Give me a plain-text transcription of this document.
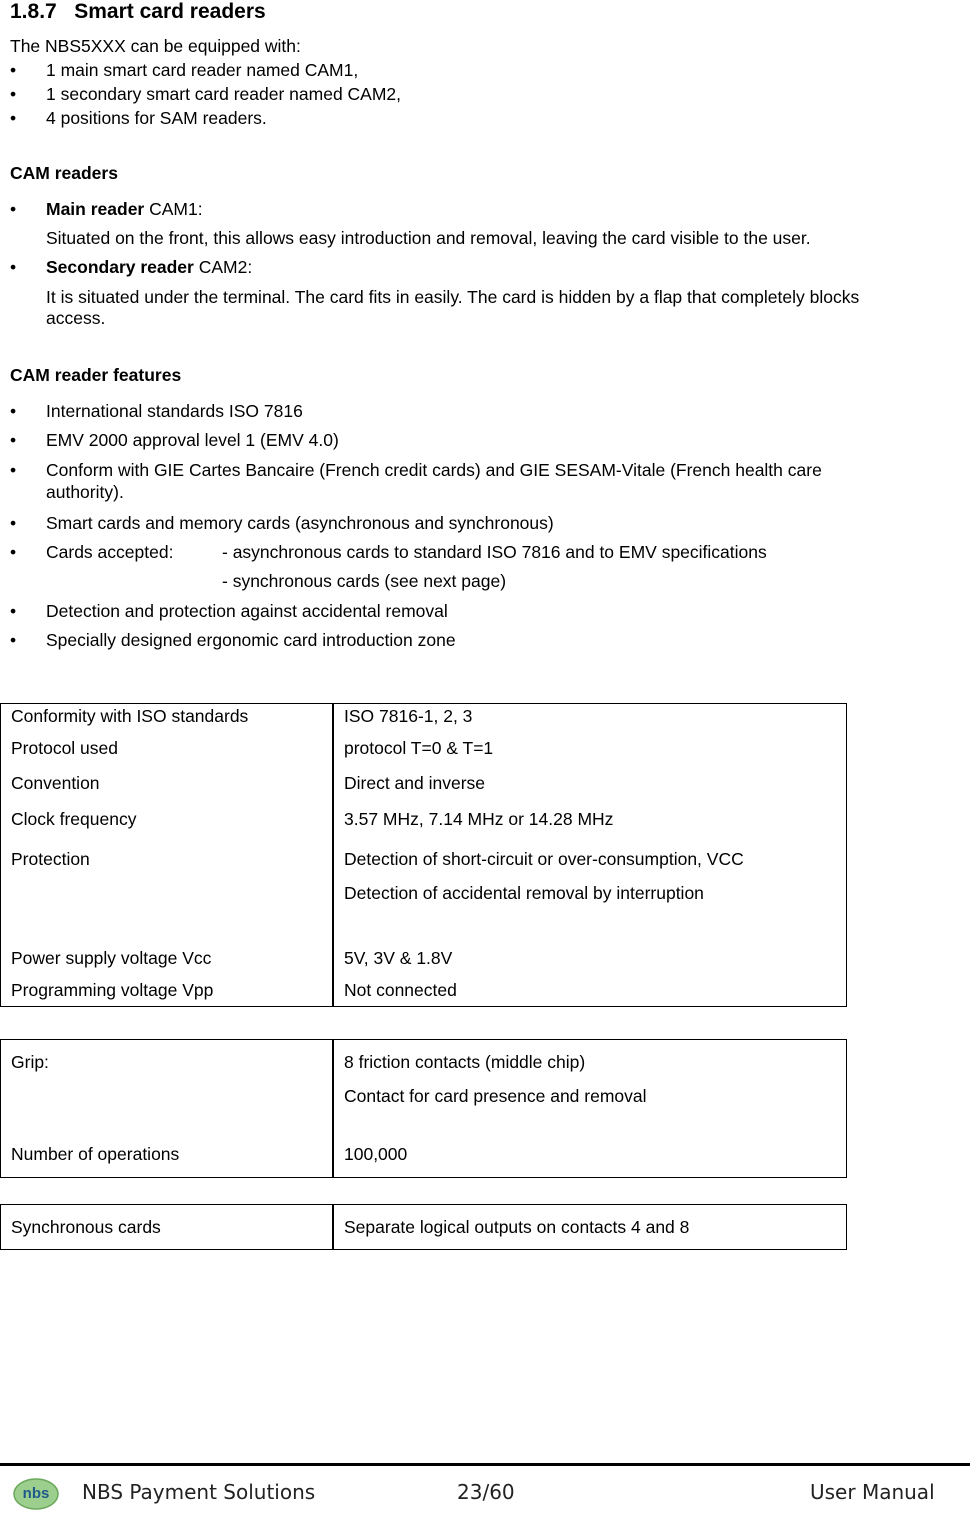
1.8.7 Smart card readers
The NBS5XXX can be equipped with:
• 1 main smart card reader named CAM1,
• 1 secondary smart card reader named CAM2,
• 4 positions for SAM readers.
CAM readers
• Main reader CAM1:
Situated on the front, this allows easy introduction and removal, leaving the card visible to the user.
• Secondary reader CAM2:
It is situated under the terminal. The card fits in easily. The card is hidden by a flap that completely blocks
access.
CAM reader features
• International standards ISO 7816
• EMV 2000 approval level 1 (EMV 4.0)
• Conform with GIE Cartes Bancaire (French credit cards) and GIE SESAM-Vitale (French health care
authority).
• Smart cards and memory cards (asynchronous and synchronous)
• Cards accepted:	- asynchronous cards to standard ISO 7816 and to EMV specifications
- synchronous cards (see next page)
• Detection and protection against accidental removal
• Specially designed ergonomic card introduction zone
Conformity with ISO standards	ISO 7816-1, 2, 3
Protocol used	protocol T=0 & T=1
Convention	Direct and inverse
Clock frequency	3.57 MHz, 7.14 MHz or 14.28 MHz
Protection	Detection of short-circuit or over-consumption, VCC
Detection of accidental removal by interruption
Power supply voltage Vcc	5V, 3V & 1.8V
Programming voltage Vpp	Not connected
Grip:	8 friction contacts (middle chip)
Contact for card presence and removal
Number of operations	100,000
Synchronous cards	Separate logical outputs on contacts 4 and 8
nbs NBS Payment Solutions	23/60	User Manual
